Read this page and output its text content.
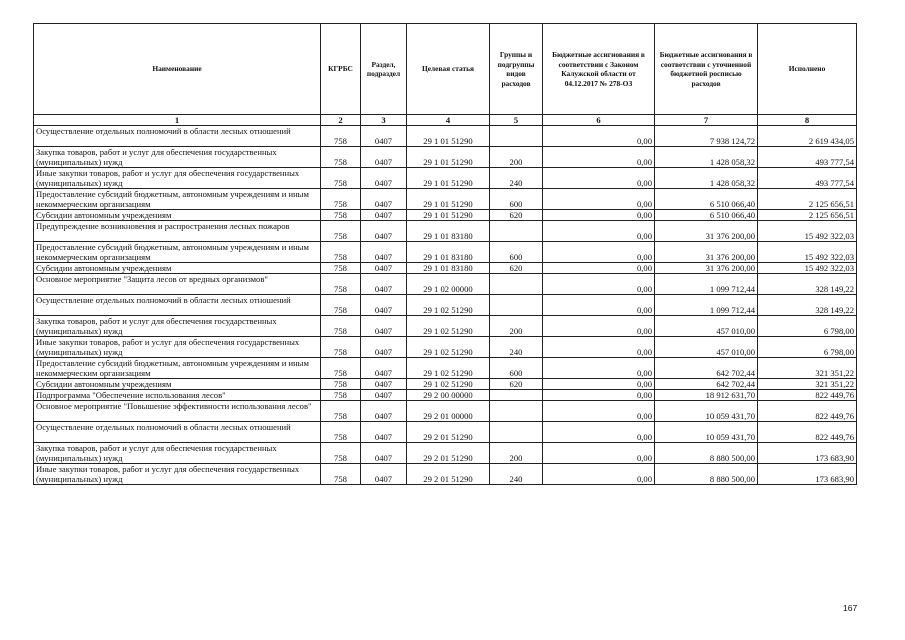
Наименование	КГРБС	Раздел, подраздел	Целевая статья	Группы и подгруппы видов расходов	Бюджетные ассигнования в соответствии с Законом Калужской области от 04.12.2017 № 278-ОЗ	Бюджетные ассигнования в соответствии с уточненной бюджетной росписью расходов	Исполнено
1	2	3	4	5	6	7	8
Осуществление отдельных полномочий в области лесных отношений	758	0407	29 1 01 51290		0,00	7 938 124,72	2 619 434,05
Закупка товаров, работ и услуг для обеспечения государственных (муниципальных) нужд	758	0407	29 1 01 51290	200	0,00	1 428 058,32	493 777,54
Иные закупки товаров, работ и услуг для обеспечения государственных (муниципальных) нужд	758	0407	29 1 01 51290	240	0,00	1 428 058,32	493 777,54
Предоставление субсидий бюджетным, автономным учреждениям и иным некоммерческим организациям	758	0407	29 1 01 51290	600	0,00	6 510 066,40	2 125 656,51
Субсидии автономным учреждениям	758	0407	29 1 01 51290	620	0,00	6 510 066,40	2 125 656,51
Предупреждение возникновения и распространения лесных пожаров	758	0407	29 1 01 83180		0,00	31 376 200,00	15 492 322,03
Предоставление субсидий бюджетным, автономным учреждениям и иным некоммерческим организациям	758	0407	29 1 01 83180	600	0,00	31 376 200,00	15 492 322,03
Субсидии автономным учреждениям	758	0407	29 1 01 83180	620	0,00	31 376 200,00	15 492 322,03
Основное мероприятие "Защита лесов от вредных организмов"	758	0407	29 1 02 00000		0,00	1 099 712,44	328 149,22
Осуществление отдельных полномочий в области лесных отношений	758	0407	29 1 02 51290		0,00	1 099 712,44	328 149,22
Закупка товаров, работ и услуг для обеспечения государственных (муниципальных) нужд	758	0407	29 1 02 51290	200	0,00	457 010,00	6 798,00
Иные закупки товаров, работ и услуг для обеспечения государственных (муниципальных) нужд	758	0407	29 1 02 51290	240	0,00	457 010,00	6 798,00
Предоставление субсидий бюджетным, автономным учреждениям и иным некоммерческим организациям	758	0407	29 1 02 51290	600	0,00	642 702,44	321 351,22
Субсидии автономным учреждениям	758	0407	29 1 02 51290	620	0,00	642 702,44	321 351,22
Подпрограмма "Обеспечение использования лесов"	758	0407	29 2 00 00000		0,00	18 912 631,70	822 449,76
Основное мероприятие "Повышение эффективности использования лесов"	758	0407	29 2 01 00000		0,00	10 059 431,70	822 449,76
Осуществление отдельных полномочий в области лесных отношений	758	0407	29 2 01 51290		0,00	10 059 431,70	822 449,76
Закупка товаров, работ и услуг для обеспечения государственных (муниципальных) нужд	758	0407	29 2 01 51290	200	0,00	8 880 500,00	173 683,90
Иные закупки товаров, работ и услуг для обеспечения государственных (муниципальных) нужд	758	0407	29 2 01 51290	240	0,00	8 880 500,00	173 683,90
167
